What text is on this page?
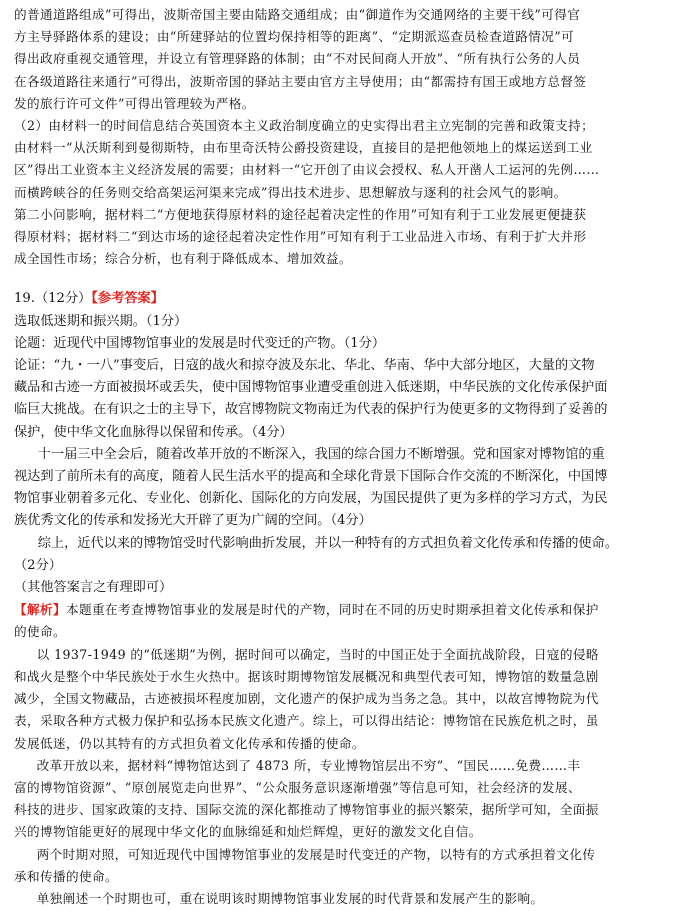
的普通道路组成”可得出，波斯帝国主要由陆路交通组成；由“御道作为交通网络的主要干线”可得官

方主导驿路体系的建设；由“所建驿站的位置均保持相等的距离”、“定期派巡查员检查道路情况”可

得出政府重视交通管理，并设立有管理驿路的体制；由“不对民间商人开放”、“所有执行公务的人员

在各级道路往来通行”可得出，波斯帝国的驿站主要由官方主导使用；由“都需持有国王或地方总督签

发的旅行许可文件”可得出管理较为严格。

（2）由材料一的时间信息结合英国资本主义政治制度确立的史实得出君主立宪制的完善和政策支持；

由材料一“从沃斯利到曼彻斯特，由布里奇沃特公爵投资建设，直接目的是把他领地上的煤运送到工业

区”得出工业资本主义经济发展的需要；由材料一“它开创了由议会授权、私人开凿人工运河的先例……

而横跨峡谷的任务则交给高架运河渠来完成”得出技术进步、思想解放与逐利的社会风气的影响。

第二小问影响，据材料二“方便地获得原材料的途径起着决定性的作用”可知有利于工业发展更便捷获

得原材料；据材料二“到达市场的途径起着决定性作用”可知有利于工业品进入市场、有利于扩大并形

成全国性市场；综合分析，也有利于降低成本、增加效益。

19.（12分）【参考答案】

选取低迷期和振兴期。（1分）

论题：近现代中国博物馆事业的发展是时代变迁的产物。（1分）

论证：“九・一八”事变后，日寇的战火和掠夺波及东北、华北、华南、华中大部分地区，大量的文物

藏品和古迹一方面被损坏或丢失，使中国博物馆事业遭受重创进入低迷期，中华民族的文化传承保护面

临巨大挑战。在有识之士的主导下，故宫博物院文物南迁为代表的保护行为使更多的文物得到了妥善的

保护，使中华文化血脉得以保留和传承。（4分）

十一届三中全会后，随着改革开放的不断深入，我国的综合国力不断增强。党和国家对博物馆的重

视达到了前所未有的高度，随着人民生活水平的提高和全球化背景下国际合作交流的不断深化，中国博

物馆事业朝着多元化、专业化、创新化、国际化的方向发展，为国民提供了更为多样的学习方式，为民

族优秀文化的传承和发扬光大开辟了更为广阔的空间。（4分）

综上，近代以来的博物馆受时代影响曲折发展，并以一种特有的方式担负着文化传承和传播的使命。

（2分）

（其他答案言之有理即可）

【解析】本题重在考查博物馆事业的发展是时代的产物，同时在不同的历史时期承担着文化传承和保护

的使命。

以 1937-1949 的“低迷期”为例，据时间可以确定，当时的中国正处于全面抗战阶段，日寇的侵略

和战火是整个中华民族处于水生火热中。据该时期博物馆发展概况和典型代表可知，博物馆的数量急剧

减少，全国文物藏品，古迹被损坏程度加剧，文化遗产的保护成为当务之急。其中，以故宫博物院为代

表，采取各种方式极力保护和弘扬本民族文化遗产。综上，可以得出结论：博物馆在民族危机之时，虽

发展低迷，仍以其特有的方式担负着文化传承和传播的使命。

改革开放以来，据材料“博物馆达到了 4873 所，专业博物馆层出不穷”、“国民……免费……丰

富的博物馆资源”、“原创展览走向世界”、“公众服务意识逐渐增强”等信息可知，社会经济的发展、

科技的进步、国家政策的支持、国际交流的深化都推动了博物馆事业的振兴繁荣，据所学可知，全面振

兴的博物馆能更好的展现中华文化的血脉绵延和灿烂辉煌，更好的激发文化自信。

两个时期对照，可知近现代中国博物馆事业的发展是时代变迁的产物，以特有的方式承担着文化传

承和传播的使命。

单独阐述一个时期也可，重在说明该时期博物馆事业发展的时代背景和发展产生的影响。
